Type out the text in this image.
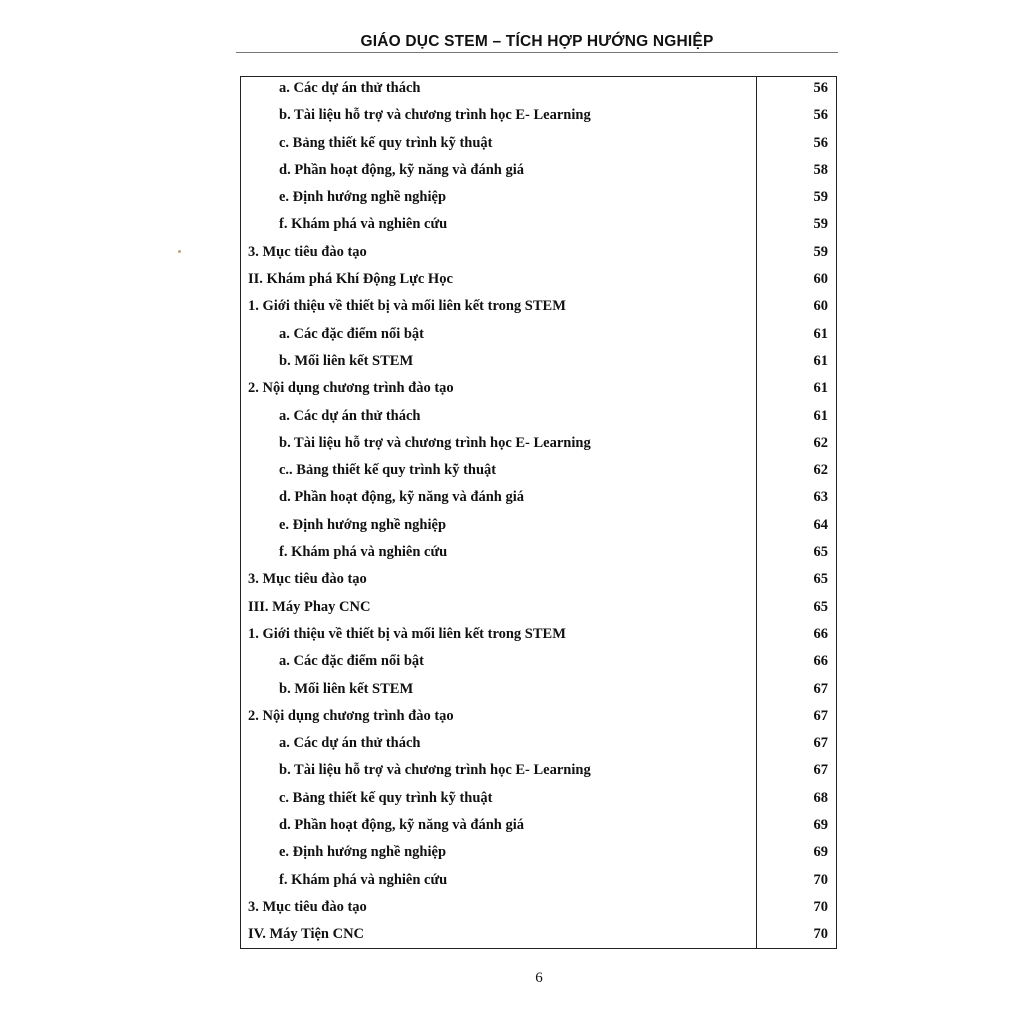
GIÁO DỤC STEM – TÍCH HỢP HƯỚNG NGHIỆP
a. Các dự án thử thách	56
b. Tài liệu hỗ trợ và chương trình học E- Learning	56
c. Bảng thiết kế quy trình kỹ thuật	56
d. Phần hoạt động, kỹ năng và đánh giá	58
e. Định hướng nghề nghiệp	59
f. Khám phá và nghiên cứu	59
3. Mục tiêu đào tạo	59
II. Khám phá Khí Động Lực Học	60
1. Giới thiệu về thiết bị và mối liên kết trong STEM	60
a. Các đặc điểm nổi bật	61
b. Mối liên kết STEM	61
2. Nội dụng chương trình đào tạo	61
a. Các dự án thử thách	61
b. Tài liệu hỗ trợ và chương trình học E- Learning	62
c.. Bảng thiết kế quy trình kỹ thuật	62
d. Phần hoạt động, kỹ năng và đánh giá	63
e. Định hướng nghề nghiệp	64
f. Khám phá và nghiên cứu	65
3. Mục tiêu đào tạo	65
III. Máy Phay CNC	65
1. Giới thiệu về thiết bị và mối liên kết trong STEM	66
a. Các đặc điểm nổi bật	66
b. Mối liên kết STEM	67
2. Nội dụng chương trình đào tạo	67
a. Các dự án thử thách	67
b. Tài liệu hỗ trợ và chương trình học E- Learning	67
c. Bảng thiết kế quy trình kỹ thuật	68
d. Phần hoạt động, kỹ năng và đánh giá	69
e. Định hướng nghề nghiệp	69
f. Khám phá và nghiên cứu	70
3. Mục tiêu đào tạo	70
IV. Máy Tiện CNC	70
6
